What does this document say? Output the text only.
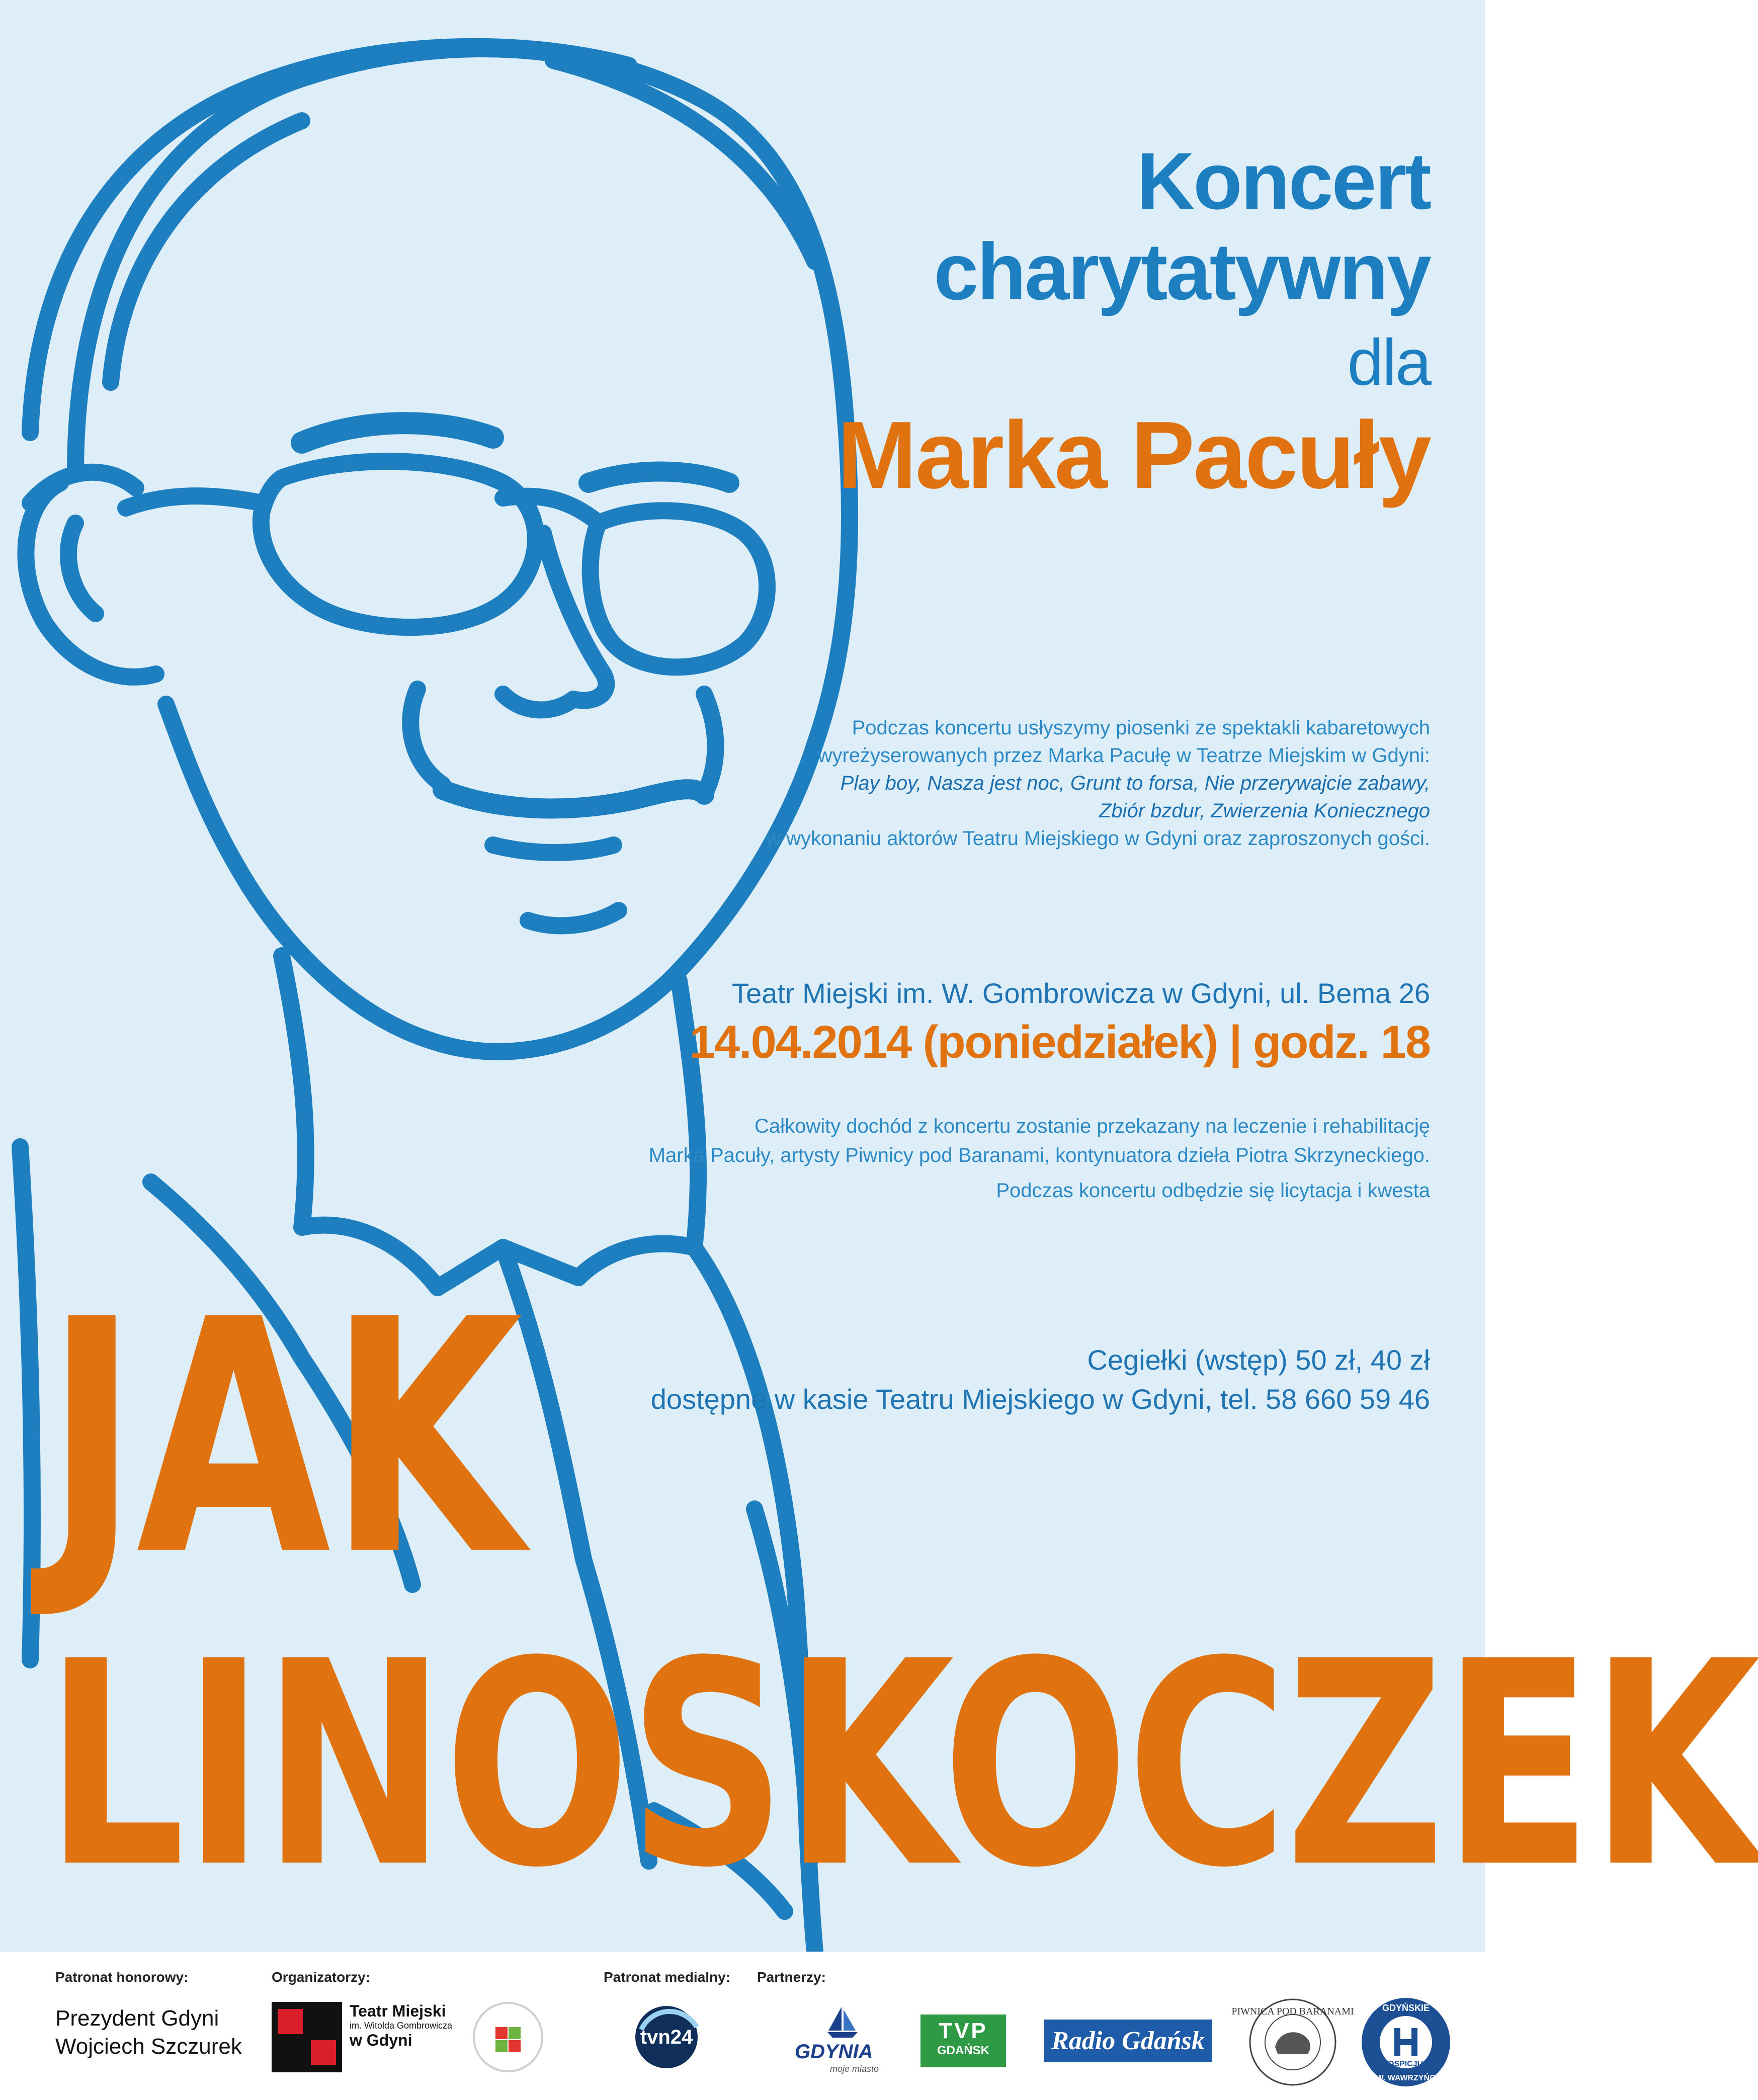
Koncert
charytatywny
dla
Marka Pacuły
Podczas koncertu usłyszymy piosenki ze spektakli kabaretowych
wyreżyserowanych przez Marka Pacułę w Teatrze Miejskim w Gdyni:
Play boy, Nasza jest noc, Grunt to forsa, Nie przerywajcie zabawy,
Zbiór bzdur, Zwierzenia Koniecznego
w wykonaniu aktorów Teatru Miejskiego w Gdyni oraz zaproszonych gości.
Teatr Miejski im. W. Gombrowicza w Gdyni, ul. Bema 26
14.04.2014 (poniedziałek) | godz. 18
Całkowity dochód z koncertu zostanie przekazany na leczenie i rehabilitację
Marka Pacuły, artysty Piwnicy pod Baranami, kontynuatora dzieła Piotra Skrzyneckiego.
Podczas koncertu odbędzie się licytacja i kwesta
Cegiełki (wstęp) 50 zł, 40 zł
dostępne w kasie Teatru Miejskiego w Gdyni, tel. 58 660 59 46
JAK
LINOSKOCZEK
Patronat honorowy:
Prezydent Gdyni
Wojciech Szczurek
Organizatorzy:
Teatr Miejski
im. Witolda Gombrowicza
w Gdyni
Patronat medialny:
tvn24
Partnerzy:
GDYNIA
moje miasto
TVP
GDAŃSK	Radio Gdańsk
PIWNICA POD BARANAMI	GDYŃSKIE
HOSPICJUM
ŚW. WAWRZYŃCA
